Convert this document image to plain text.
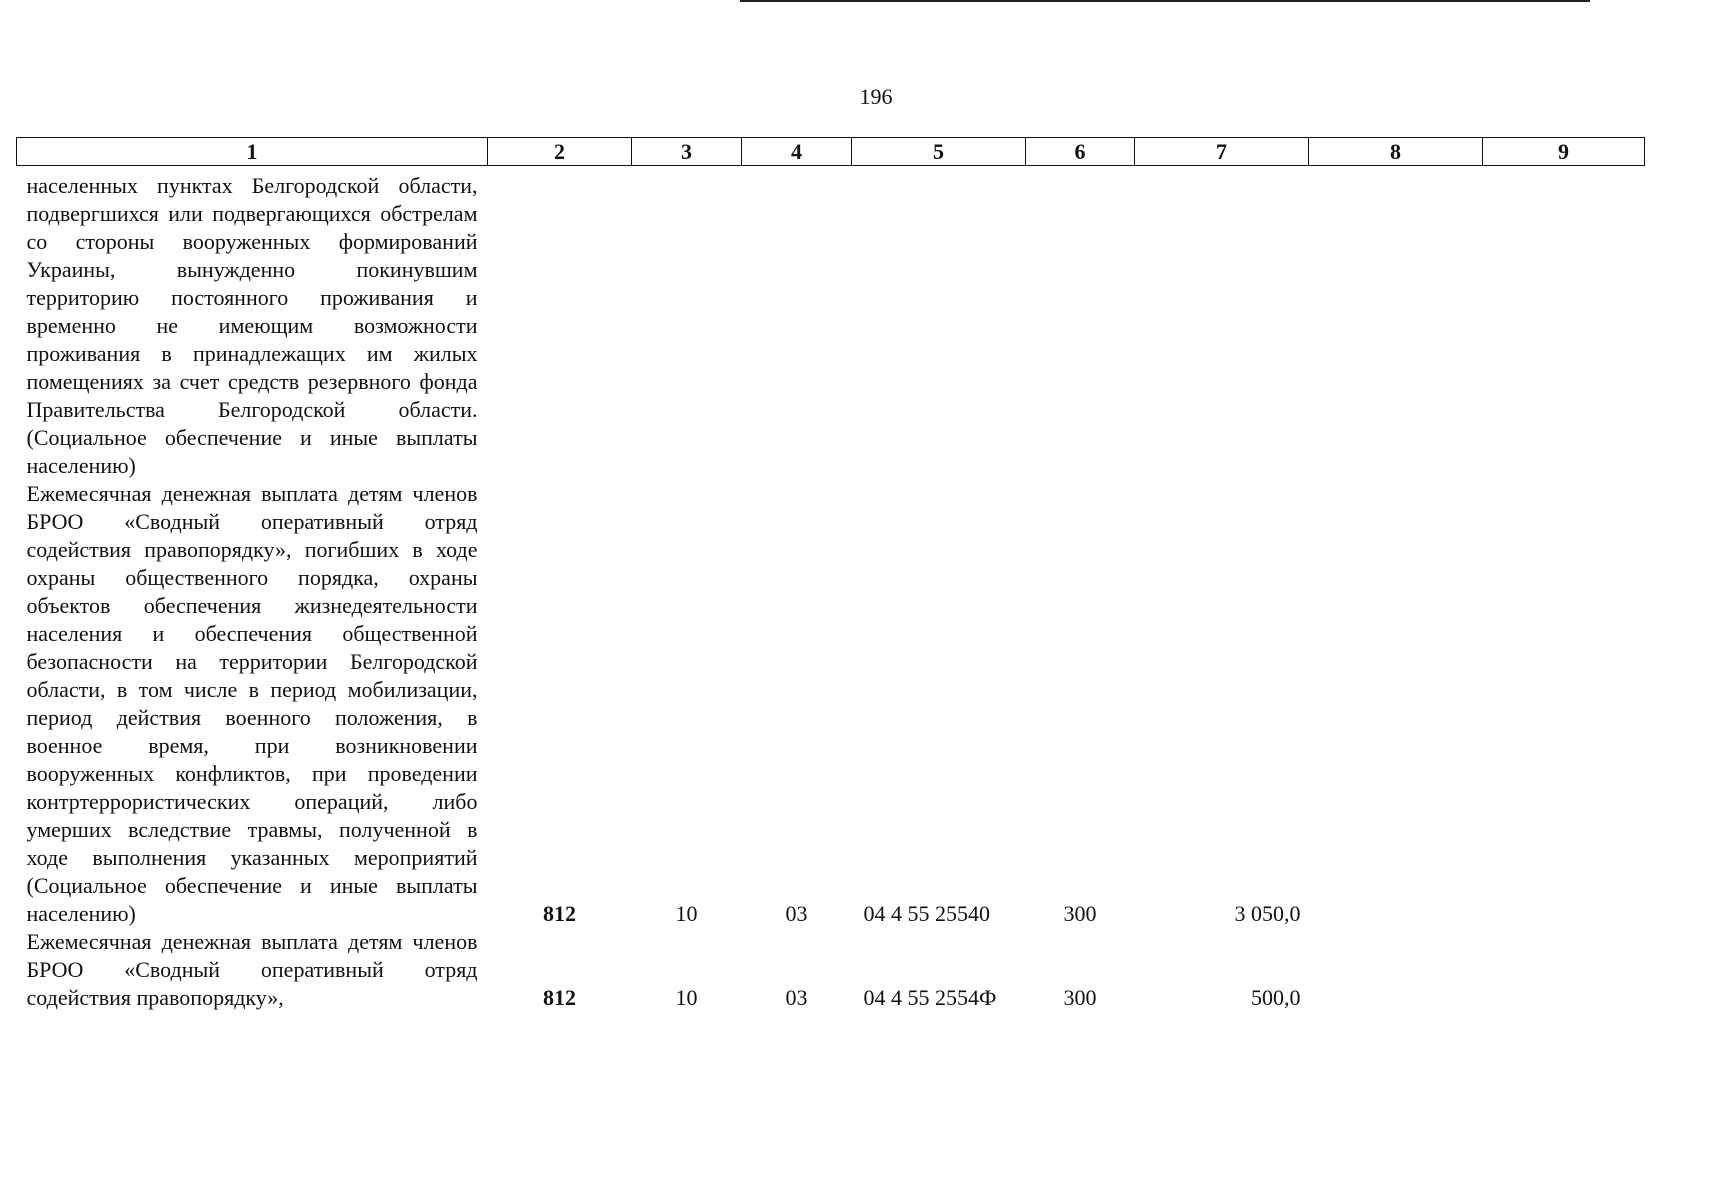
196
1	2	3	4	5	6	7	8	9

населенных пунктах Белгородской области, подвергшихся или подвергающихся обстрелам со стороны вооруженных формирований Украины, вынужденно покинувшим территорию постоянного проживания и временно не имеющим возможности проживания в принадлежащих им жилых помещениях за счет средств резервного фонда Правительства Белгородской области. (Социальное обеспечение и иные выплаты населению)								
Ежемесячная денежная выплата детям членов БРОО «Сводный оперативный отряд содействия правопорядку», погибших в ходе охраны общественного порядка, охраны объектов обеспечения жизнедеятельности населения и обеспечения общественной безопасности на территории Белгородской области, в том числе в период мобилизации, период действия военного положения, в военное время, при возникновении вооруженных конфликтов, при проведении контртеррористических операций, либо умерших вследствие травмы, полученной в ходе выполнения указанных мероприятий (Социальное обеспечение и иные выплаты населению)	812	10	03	04 4 55 25540	300	3 050,0		
Ежемесячная денежная выплата детям членов БРОО «Сводный оперативный отряд содействия правопорядку»,	812	10	03	04 4 55 2554Ф	300	500,0		
